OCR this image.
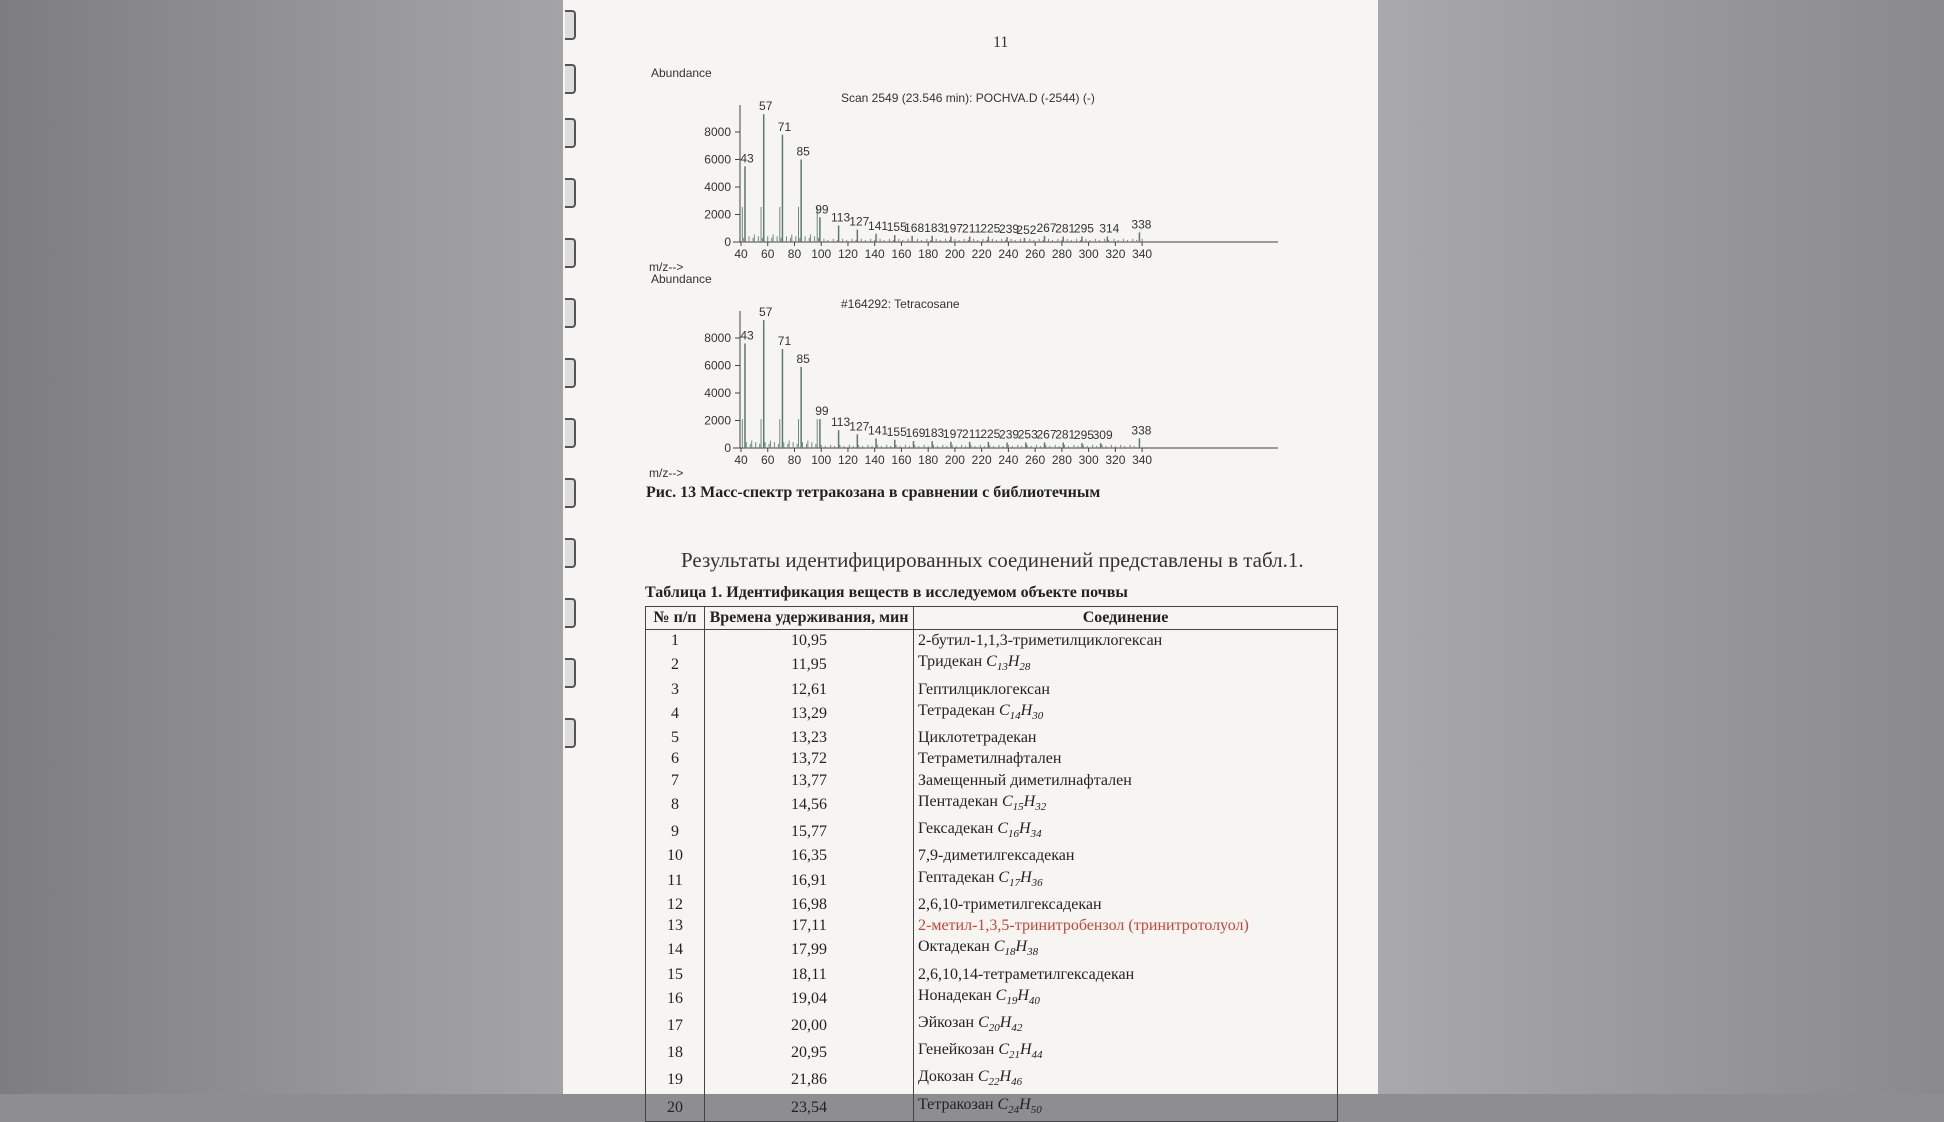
11
Abundance
Scan 2549 (23.546 min): POCHVA.D (-2544) (-)
0
2000
4000
6000
8000
40 60 80 100 120 140 160 180 200 220 240 260 280 300 320 340
43
57
71
85
99
113 127
141
155
168 183
197 211 225
239
252 267
281
295 314 338
m/z-->
Abundance
#164292: Tetracosane
0
2000
4000
6000
8000
40 60 80 100 120 140 160 180 200 220 240 260 280 300 320 340
43
57
71
85
99
113 127
141
155
169
183
197 211 225
239
253
267
281
295
309 338
m/z-->
Рис. 13 Масс-спектр тетракозана в сравнении с библиотечным
Результаты идентифицированных соединений представлены в табл.1.
Таблица 1. Идентификация веществ в исследуемом объекте почвы
№ п/п	Времена удерживания, мин	Соединение
1	10,95	2-бутил-1,1,3-триметилциклогексан
2	11,95	Тридекан $C_{13}H_{28}$
3	12,61	Гептилциклогексан
4	13,29	Тетрадекан $C_{14}H_{30}$
5	13,23	Циклотетрадекан
6	13,72	Тетраметилнафтален
7	13,77	Замещенный диметилнафтален
8	14,56	Пентадекан $C_{15}H_{32}$
9	15,77	Гексадекан $C_{16}H_{34}$
10	16,35	7,9-диметилгексадекан
11	16,91	Гептадекан $C_{17}H_{36}$
12	16,98	2,6,10-триметилгексадекан
13	17,11	2-метил-1,3,5-тринитробензол (тринитротолуол)
14	17,99	Октадекан $C_{18}H_{38}$
15	18,11	2,6,10,14-тетраметилгексадекан
16	19,04	Нонадекан $C_{19}H_{40}$
17	20,00	Эйкозан $C_{20}H_{42}$
18	20,95	Генейкозан $C_{21}H_{44}$
19	21,86	Докозан $C_{22}H_{46}$
20	23,54	Тетракозан $C_{24}H_{50}$
